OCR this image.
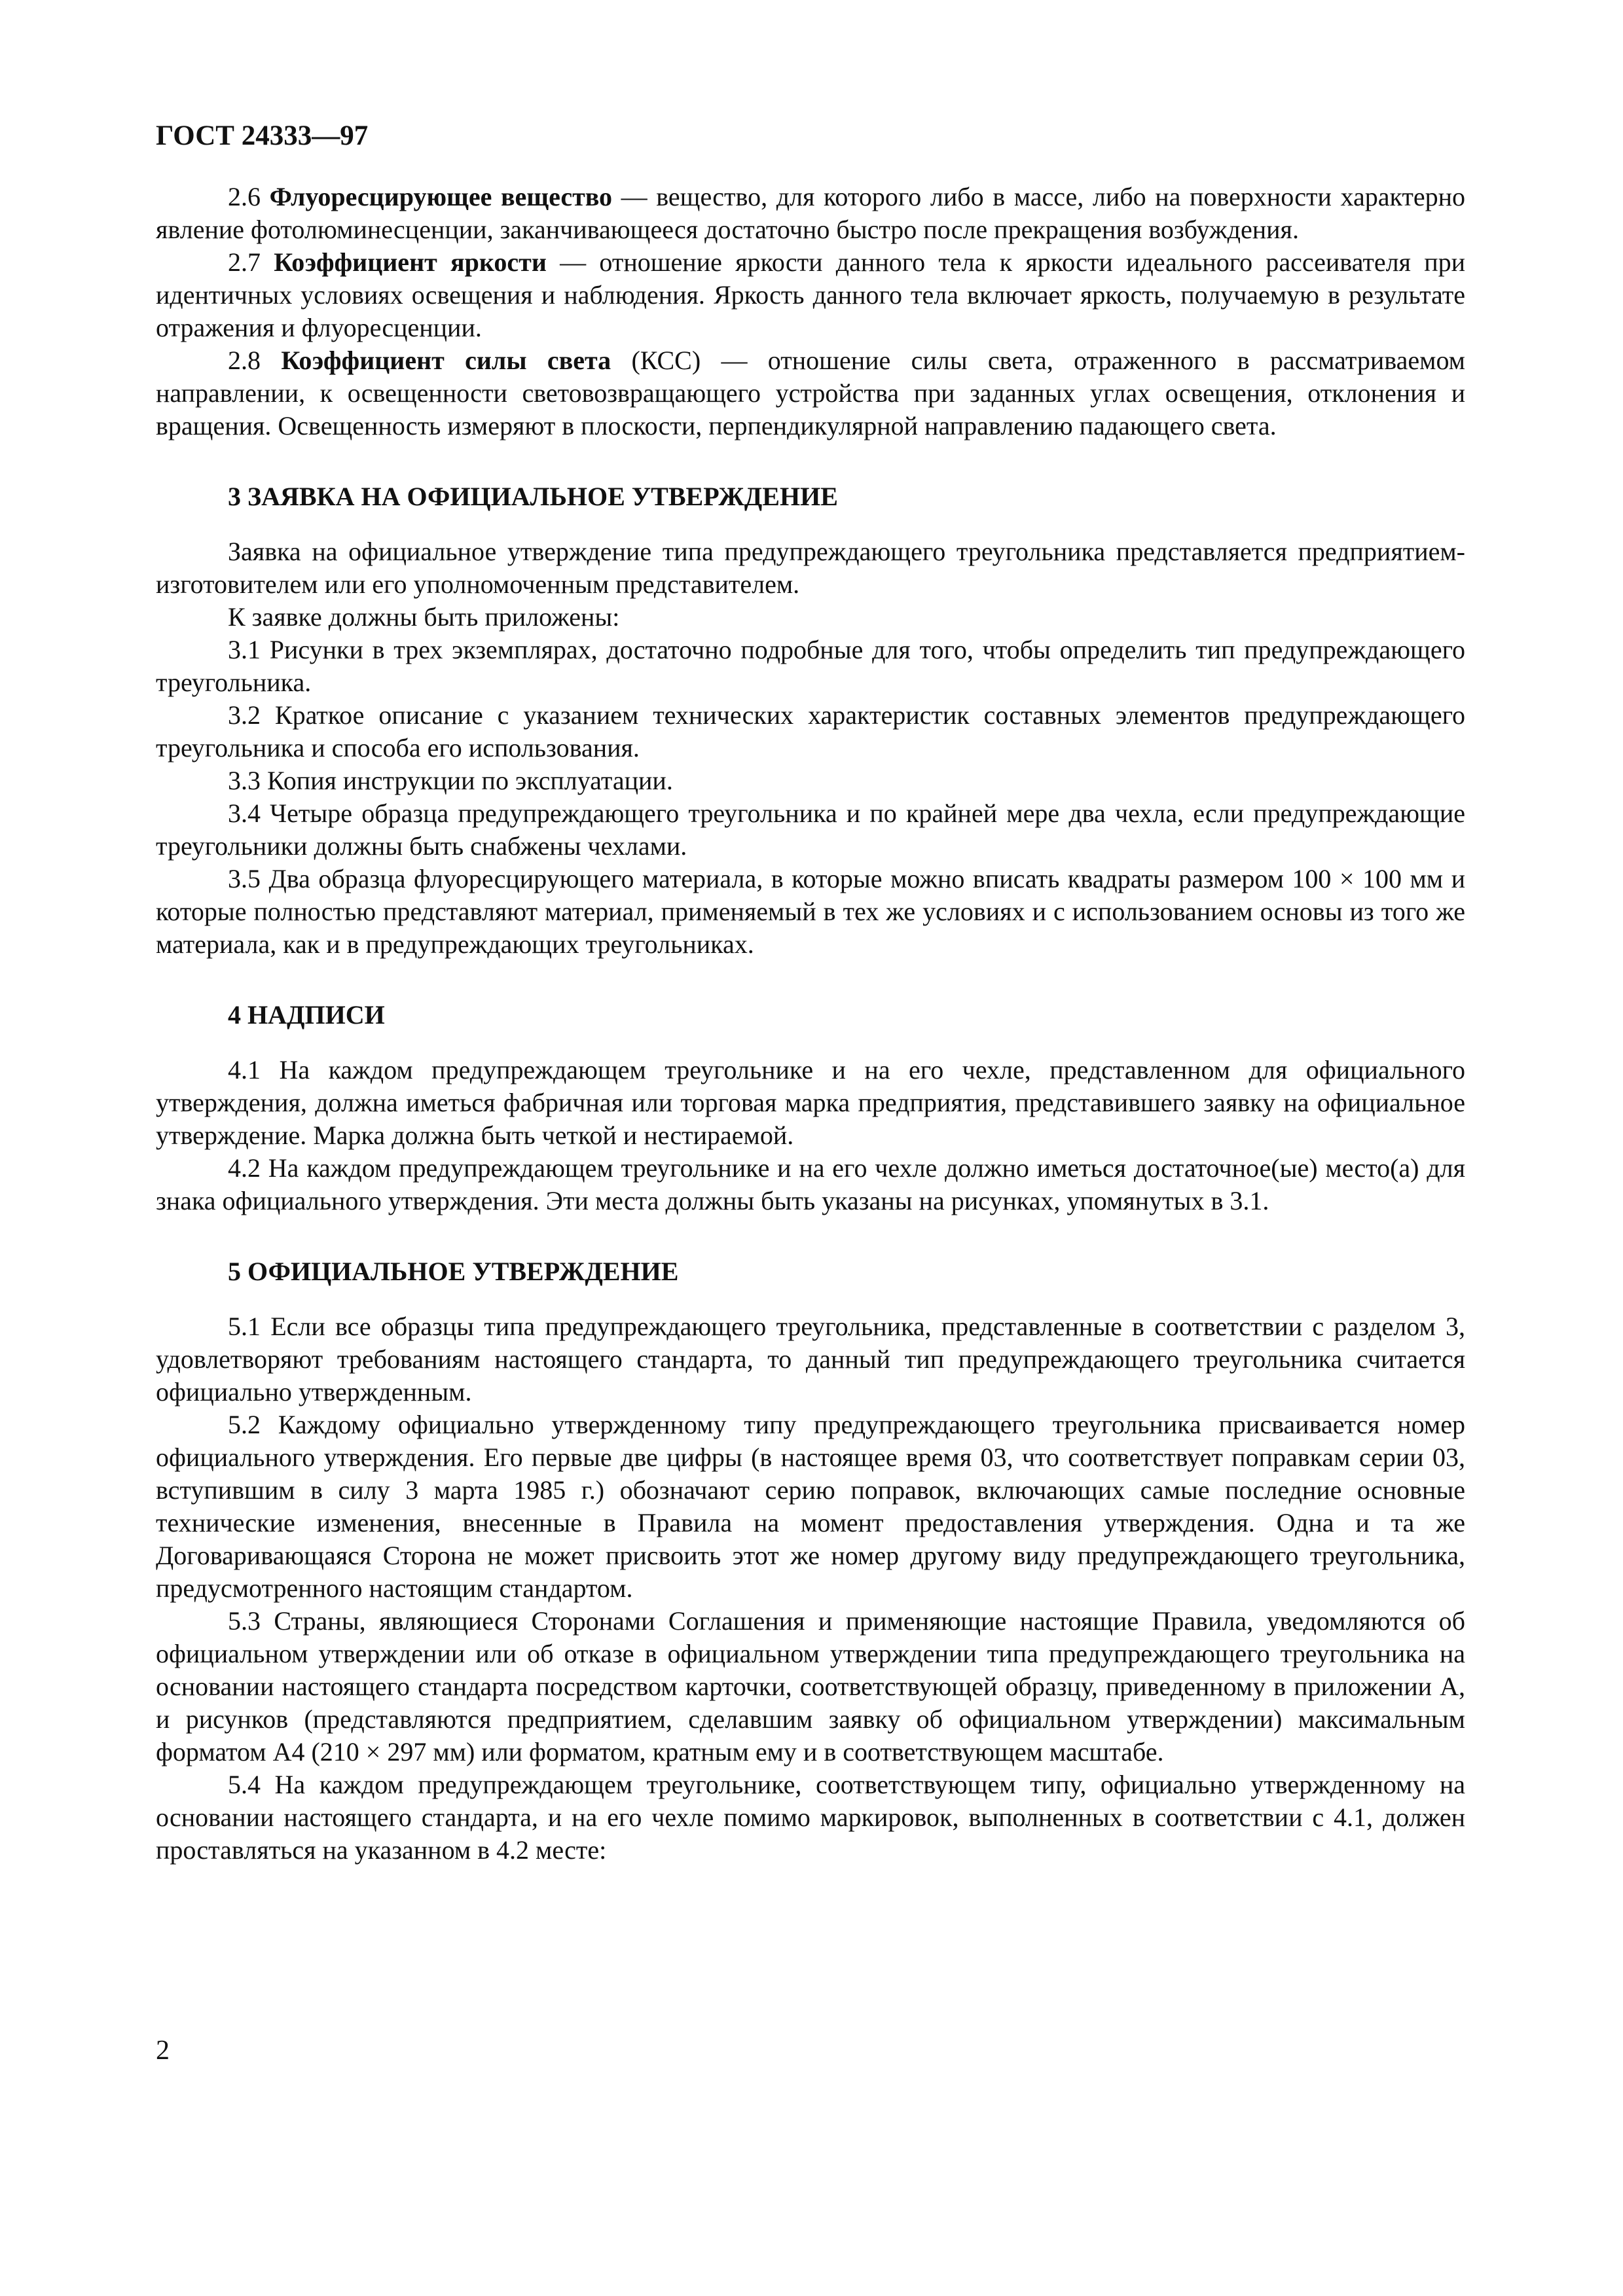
ГОСТ 24333—97

2.6 Флуоресцирующее вещество — вещество, для которого либо в массе, либо на поверхности характерно явление фотолюминесценции, заканчивающееся достаточно быстро после прекращения возбуждения.

2.7 Коэффициент яркости — отношение яркости данного тела к яркости идеального рассеивателя при идентичных условиях освещения и наблюдения. Яркость данного тела включает яркость, получаемую в результате отражения и флуоресценции.

2.8 Коэффициент силы света (КСС) — отношение силы света, отраженного в рассматриваемом направлении, к освещенности световозвращающего устройства при заданных углах освещения, отклонения и вращения. Освещенность измеряют в плоскости, перпендикулярной направлению падающего света.

3 ЗАЯВКА НА ОФИЦИАЛЬНОЕ УТВЕРЖДЕНИЕ

Заявка на официальное утверждение типа предупреждающего треугольника представляется предприятием-изготовителем или его уполномоченным представителем.

К заявке должны быть приложены:

3.1 Рисунки в трех экземплярах, достаточно подробные для того, чтобы определить тип предупреждающего треугольника.

3.2 Краткое описание с указанием технических характеристик составных элементов предупреждающего треугольника и способа его использования.

3.3 Копия инструкции по эксплуатации.

3.4 Четыре образца предупреждающего треугольника и по крайней мере два чехла, если предупреждающие треугольники должны быть снабжены чехлами.

3.5 Два образца флуоресцирующего материала, в которые можно вписать квадраты размером 100 × 100 мм и которые полностью представляют материал, применяемый в тех же условиях и с использованием основы из того же материала, как и в предупреждающих треугольниках.

4 НАДПИСИ

4.1 На каждом предупреждающем треугольнике и на его чехле, представленном для официального утверждения, должна иметься фабричная или торговая марка предприятия, представившего заявку на официальное утверждение. Марка должна быть четкой и нестираемой.

4.2 На каждом предупреждающем треугольнике и на его чехле должно иметься достаточное(ые) место(а) для знака официального утверждения. Эти места должны быть указаны на рисунках, упомянутых в 3.1.

5 ОФИЦИАЛЬНОЕ УТВЕРЖДЕНИЕ

5.1 Если все образцы типа предупреждающего треугольника, представленные в соответствии с разделом 3, удовлетворяют требованиям настоящего стандарта, то данный тип предупреждающего треугольника считается официально утвержденным.

5.2 Каждому официально утвержденному типу предупреждающего треугольника присваивается номер официального утверждения. Его первые две цифры (в настоящее время 03, что соответствует поправкам серии 03, вступившим в силу 3 марта 1985 г.) обозначают серию поправок, включающих самые последние основные технические изменения, внесенные в Правила на момент предоставления утверждения. Одна и та же Договаривающаяся Сторона не может присвоить этот же номер другому виду предупреждающего треугольника, предусмотренного настоящим стандартом.

5.3 Страны, являющиеся Сторонами Соглашения и применяющие настоящие Правила, уведомляются об официальном утверждении или об отказе в официальном утверждении типа предупреждающего треугольника на основании настоящего стандарта посредством карточки, соответствующей образцу, приведенному в приложении А, и рисунков (представляются предприятием, сделавшим заявку об официальном утверждении) максимальным форматом А4 (210 × 297 мм) или форматом, кратным ему и в соответствующем масштабе.

5.4 На каждом предупреждающем треугольнике, соответствующем типу, официально утвержденному на основании настоящего стандарта, и на его чехле помимо маркировок, выполненных в соответствии с 4.1, должен проставляться на указанном в 4.2 месте:

2
